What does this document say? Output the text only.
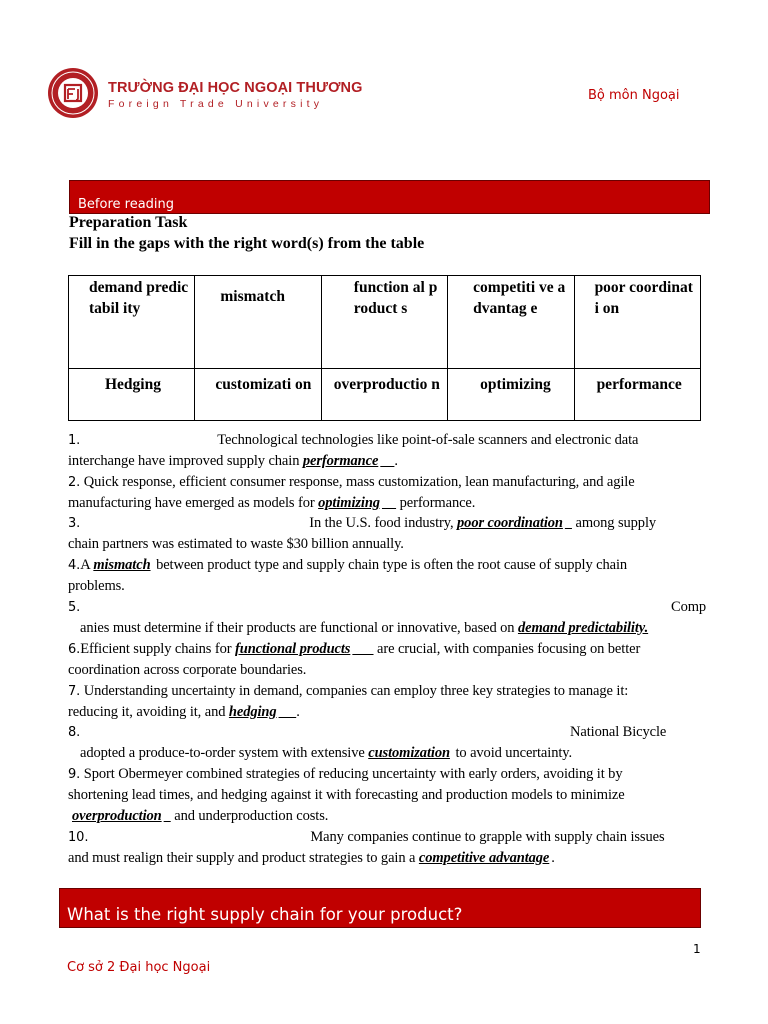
TRƯỜNG ĐẠI HỌC NGOẠI THƯƠNG
Foreign Trade University
Bộ môn Ngoại
Before reading
Preparation Task
Fill in the gaps with the right word(s) from the table
demand predictabil ity	mismatch	function al product s	competiti ve advantag e	poor coordinati on
Hedging	customizati on	overproductio n	optimizing	performance
1.	Technological technologies like point-of-sale scanners and electronic data
interchange have improved supply chain performance .
2. Quick response, efficient consumer response, mass customization, lean manufacturing, and agile
manufacturing have emerged as models for optimizing     performance.
3.	In the U.S. food industry, poor coordination   among supply
chain partners was estimated to waste $30 billion annually.
4.A mismatch between product type and supply chain type is often the root cause of supply chain
problems.
5.	Comp
anies must determine if their products are functional or innovative, based on demand predictability.
6.Efficient supply chains for functional products       are crucial, with companies focusing on better
coordination across corporate boundaries.
7. Understanding uncertainty in demand, companies can employ three key strategies to manage it:
reducing it, avoiding it, and hedging .
8.	National Bicycle
adopted a produce-to-order system with extensive customization to avoid uncertainty.
9. Sport Obermeyer combined strategies of reducing uncertainty with early orders, avoiding it by
shortening lead times, and hedging against it with forecasting and production models to minimize
overproduction   and underproduction costs.
10.	Many companies continue to grapple with supply chain issues
and must realign their supply and product strategies to gain a competitive advantage .
What is the right supply chain for your product?
1
Cơ sở 2 Đại học Ngoại
